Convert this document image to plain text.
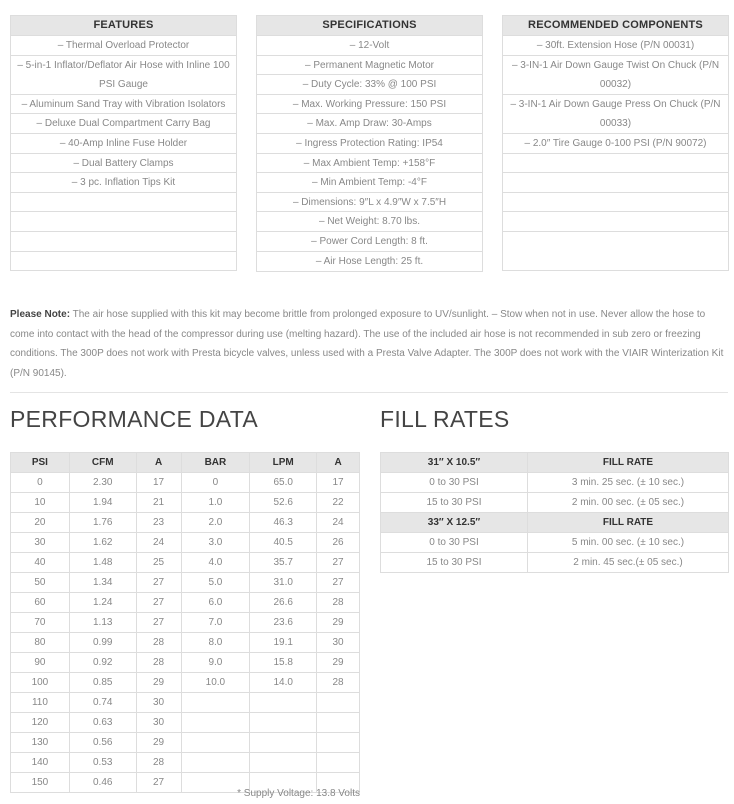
FEATURES
– Thermal Overload Protector
– 5-in-1 Inflator/Deflator Air Hose with Inline 100 PSI Gauge
– Aluminum Sand Tray with Vibration Isolators
– Deluxe Dual Compartment Carry Bag
– 40-Amp Inline Fuse Holder
– Dual Battery Clamps
– 3 pc. Inflation Tips Kit
SPECIFICATIONS
– 12-Volt
– Permanent Magnetic Motor
– Duty Cycle: 33% @ 100 PSI
– Max. Working Pressure: 150 PSI
– Max. Amp Draw: 30-Amps
– Ingress Protection Rating: IP54
– Max Ambient Temp: +158°F
– Min Ambient Temp: -4°F
– Dimensions: 9″L x 4.9″W x 7.5″H
– Net Weight: 8.70 lbs.
– Power Cord Length: 8 ft.
– Air Hose Length: 25 ft.
RECOMMENDED COMPONENTS
– 30ft. Extension Hose (P/N 00031)
– 3-IN-1 Air Down Gauge Twist On Chuck (P/N 00032)
– 3-IN-1 Air Down Gauge Press On Chuck (P/N 00033)
– 2.0″ Tire Gauge 0-100 PSI (P/N 90072)
Please Note: The air hose supplied with this kit may become brittle from prolonged exposure to UV/sunlight. – Stow when not in use. Never allow the hose to come into contact with the head of the compressor during use (melting hazard). The use of the included air hose is not recommended in sub zero or freezing conditions. The 300P does not work with Presta bicycle valves, unless used with a Presta Valve Adapter. The 300P does not work with the VIAIR Winterization Kit (P/N 90145).
PERFORMANCE DATA
PSI	CFM	A	BAR	LPM	A
0	2.30	17	0	65.0	17
10	1.94	21	1.0	52.6	22
20	1.76	23	2.0	46.3	24
30	1.62	24	3.0	40.5	26
40	1.48	25	4.0	35.7	27
50	1.34	27	5.0	31.0	27
60	1.24	27	6.0	26.6	28
70	1.13	27	7.0	23.6	29
80	0.99	28	8.0	19.1	30
90	0.92	28	9.0	15.8	29
100	0.85	29	10.0	14.0	28
110	0.74	30			
120	0.63	30			
130	0.56	29			
140	0.53	28			
150	0.46	27			
* Supply Voltage: 13.8 Volts
FILL RATES
31″ X 10.5″	FILL RATE
0 to 30 PSI	3 min. 25 sec. (± 10 sec.)
15 to 30 PSI	2 min. 00 sec. (± 05 sec.)
33″ X 12.5″	FILL RATE
0 to 30 PSI	5 min. 00 sec. (± 10 sec.)
15 to 30 PSI	2 min. 45 sec.(± 05 sec.)
